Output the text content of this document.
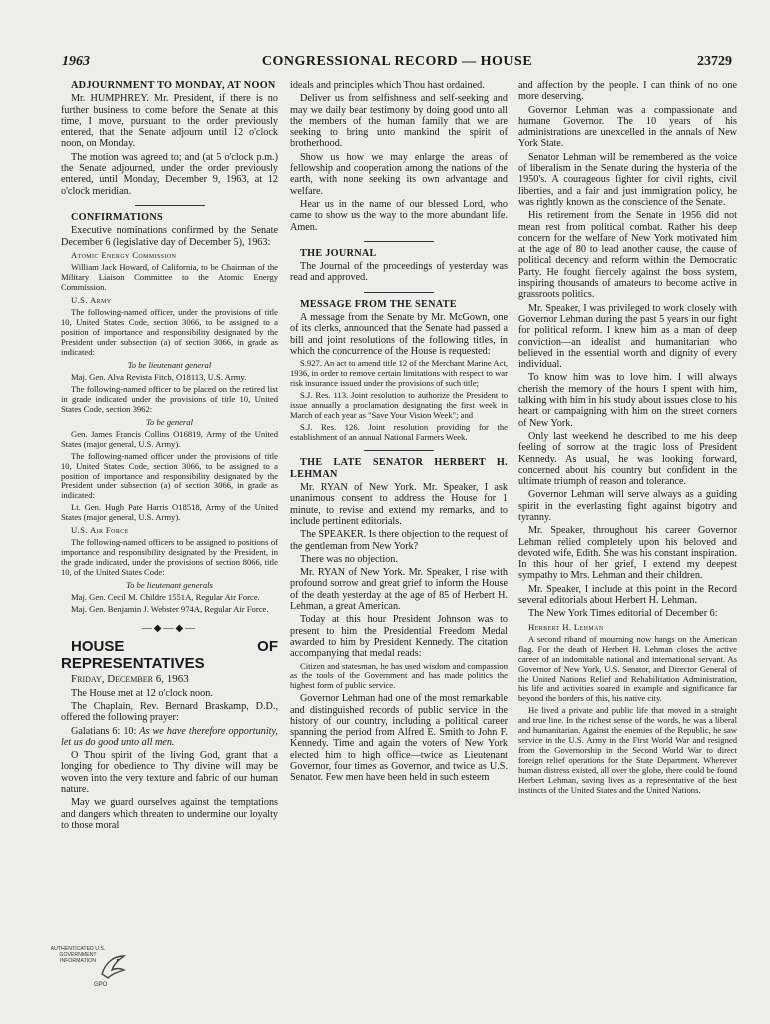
1963	CONGRESSIONAL RECORD — HOUSE	23729

ADJOURNMENT TO MONDAY, AT NOON

Mr. HUMPHREY. Mr. President, if there is no further business to come before the Senate at this time, I move, pursuant to the order previously entered, that the Senate adjourn until 12 o'clock noon, on Monday.

The motion was agreed to; and (at 5 o'clock p.m.) the Senate adjourned, under the order previously entered, until Monday, December 9, 1963, at 12 o'clock meridian.

CONFIRMATIONS

Executive nominations confirmed by the Senate December 6 (legislative day of December 5), 1963:

Atomic Energy Commission

William Jack Howard, of California, to be Chairman of the Military Liaison Committee to the Atomic Energy Commission.

U.S. Army

The following-named officer, under the provisions of title 10, United States Code, section 3066, to be assigned to a position of importance and responsibility designated by the President under subsection (a) of section 3066, in grade as indicated:

To be lieutenant general

Maj. Gen. Alva Revista Fitch, O18113, U.S. Army.

The following-named officer to be placed on the retired list in grade indicated under the provisions of title 10, United States Code, section 3962:

To be general

Gen. James Francis Collins O16819, Army of the United States (major general, U.S. Army).

The following-named officer under the provisions of title 10, United States Code, section 3066, to be assigned to a position of importance and responsibility designated by the President under subsection (a) of section 3066, in grade as indicated:

Lt. Gen. Hugh Pate Harris O18518, Army of the United States (major general, U.S. Army).

U.S. Air Force

The following-named officers to be assigned to positions of importance and responsibility designated by the President, in the grade indicated, under the provisions of section 8066, title 10, of the United States Code:

To be lieutenant generals

Maj. Gen. Cecil M. Childre 1551A, Regular Air Force.

Maj. Gen. Benjamin J. Webster 974A, Regular Air Force.

—◆—◆—

HOUSE OF REPRESENTATIVES

Friday, December 6, 1963

The House met at 12 o'clock noon.

The Chaplain, Rev. Bernard Braskamp, D.D., offered the following prayer:

Galatians 6: 10: As we have therefore opportunity, let us do good unto all men.

O Thou spirit of the living God, grant that a longing for obedience to Thy divine will may be woven into the very texture and fabric of our human nature.

May we guard ourselves against the temptations and dangers which threaten to undermine our loyalty to those moral

ideals and principles which Thou hast ordained.

Deliver us from selfishness and self-seeking and may we daily bear testimony by doing good unto all the members of the human family that we are seeking to bring unto mankind the spirit of brotherhood.

Show us how we may enlarge the areas of fellowship and cooperation among the nations of the earth, with none seeking its own advantage and welfare.

Hear us in the name of our blessed Lord, who came to show us the way to the more abundant life. Amen.

THE JOURNAL

The Journal of the proceedings of yesterday was read and approved.

MESSAGE FROM THE SENATE

A message from the Senate by Mr. McGown, one of its clerks, announced that the Senate had passed a bill and joint resolutions of the following titles, in which the concurrence of the House is requested:

S.927. An act to amend title 12 of the Merchant Marine Act, 1936, in order to remove certain limitations with respect to war risk insurance issued under the provisions of such title;

S.J. Res. 113. Joint resolution to authorize the President to issue annually a proclamation designating the first week in March of each year as "Save Your Vision Week"; and

S.J. Res. 126. Joint resolution providing for the establishment of an annual National Farmers Week.

THE LATE SENATOR HERBERT H. LEHMAN

Mr. RYAN of New York. Mr. Speaker, I ask unanimous consent to address the House for 1 minute, to revise and extend my remarks, and to include pertinent editorials.

The SPEAKER. Is there objection to the request of the gentleman from New York?

There was no objection.

Mr. RYAN of New York. Mr. Speaker, I rise with profound sorrow and great grief to inform the House of the death yesterday at the age of 85 of Herbert H. Lehman, a great American.

Today at this hour President Johnson was to present to him the Presidential Freedom Medal awarded to him by President Kennedy. The citation accompanying that medal reads:

Citizen and statesman, he has used wisdom and compassion as the tools of the Government and has made politics the highest form of public service.

Governor Lehman had one of the most remarkable and distinguished records of public service in the history of our country, including a political career spanning the period from Alfred E. Smith to John F. Kennedy. Time and again the voters of New York elected him to high office—twice as Lieutenant Governor, four times as Governor, and twice as U.S. Senator. Few men have been held in such esteem

and affection by the people. I can think of no one more deserving.

Governor Lehman was a compassionate and humane Governor. The 10 years of his administrations are unexcelled in the annals of New York State.

Senator Lehman will be remembered as the voice of liberalism in the Senate during the hysteria of the 1950's. A courageous fighter for civil rights, civil liberties, and a fair and just immigration policy, he was rightly known as the conscience of the Senate.

His retirement from the Senate in 1956 did not mean rest from political combat. Rather his deep concern for the welfare of New York motivated him at the age of 80 to lead another cause, the cause of political decency and reform within the Democratic Party. He fought fiercely against the boss system, inspiring thousands of amateurs to become active in grassroots politics.

Mr. Speaker, I was privileged to work closely with Governor Lehman during the past 5 years in our fight for political reform. I knew him as a man of deep conviction—an idealist and humanitarian who believed in the essential worth and dignity of every individual.

To know him was to love him. I will always cherish the memory of the hours I spent with him, talking with him in his study about issues close to his heart or campaigning with him on the street corners of New York.

Only last weekend he described to me his deep feeling of sorrow at the tragic loss of President Kennedy. As usual, he was looking forward, concerned about his country but confident in the ultimate triumph of reason and tolerance.

Governor Lehman will serve always as a guiding spirit in the everlasting fight against bigotry and tyranny.

Mr. Speaker, throughout his career Governor Lehman relied completely upon his beloved and devoted wife, Edith. She was his constant inspiration. In this hour of her grief, I extend my deepest sympathy to Mrs. Lehman and their children.

Mr. Speaker, I include at this point in the Record several editorials about Herbert H. Lehman.

The New York Times editorial of December 6:

Herbert H. Lehman

A second riband of mourning now hangs on the American flag. For the death of Herbert H. Lehman closes the active career of an indomitable national and international servant. As Governor of New York, U.S. Senator, and Director General of the United Nations Relief and Rehabilitation Administration, his life and activities soared in example and significance far beyond the borders of this, his native city.

He lived a private and public life that moved in a straight and true line. In the richest sense of the words, he was a liberal and humanitarian. Against the enemies of the Republic, he saw service in the U.S. Army in the First World War and resigned from the Governorship in the Second World War to direct foreign relief operations for the State Department. Wherever human distress existed, all over the globe, there could be found Herbert Lehman, saving lives as a representative of the best instincts of the United States and the United Nations.

AUTHENTICATED U.S. GOVERNMENT INFORMATION
GPO
